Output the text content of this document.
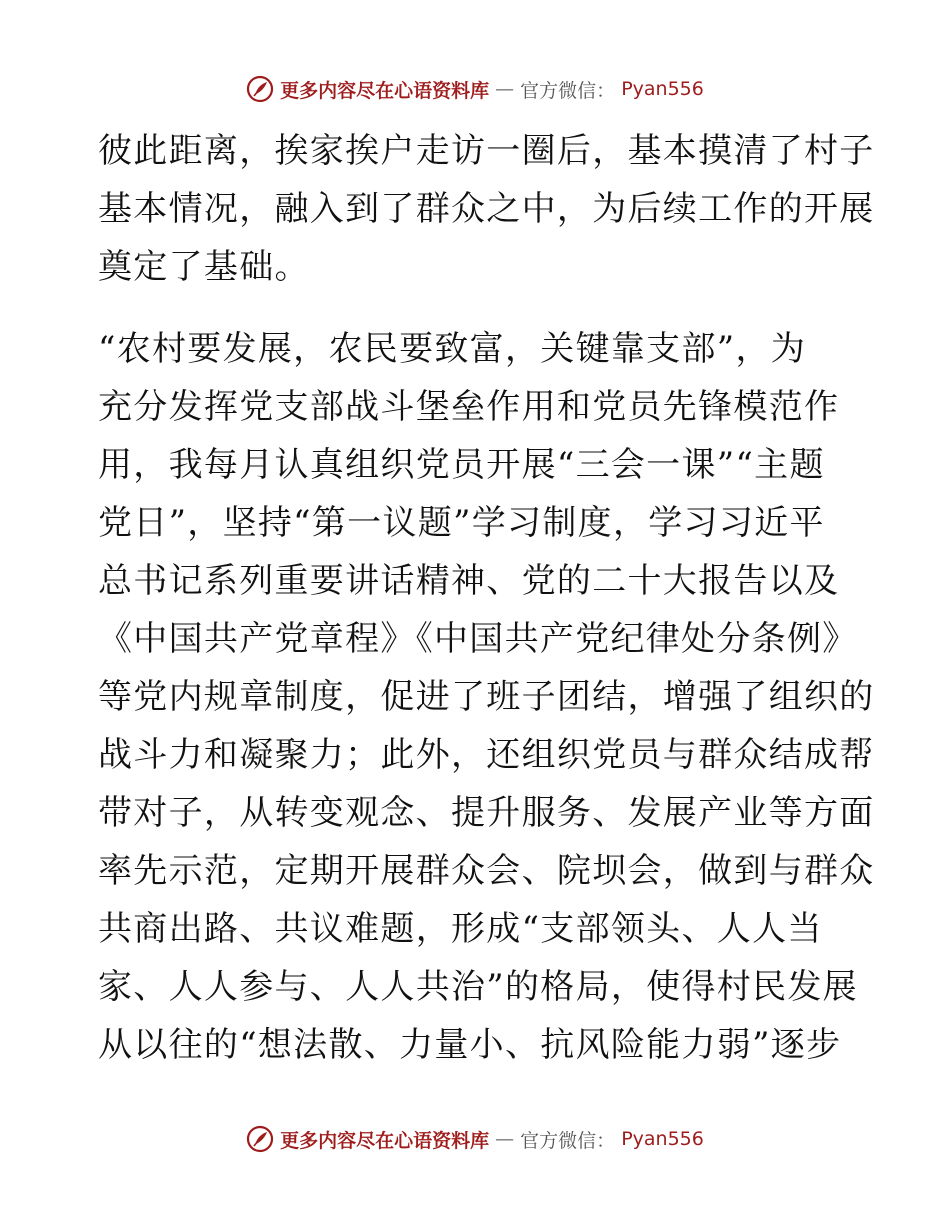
更多内容尽在心语资料库 — 官方微信： Pyan556
彼此距离，挨家挨户走访一圈后，基本摸清了村子
基本情况，融入到了群众之中，为后续工作的开展
奠定了基础。
“农村要发展，农民要致富，关键靠支部”，为
充分发挥党支部战斗堡垒作用和党员先锋模范作
用，我每月认真组织党员开展“三会一课”“主题
党日”，坚持“第一议题”学习制度，学习习近平
总书记系列重要讲话精神、党的二十大报告以及
《中国共产党章程》《中国共产党纪律处分条例》
等党内规章制度，促进了班子团结，增强了组织的
战斗力和凝聚力；此外，还组织党员与群众结成帮
带对子，从转变观念、提升服务、发展产业等方面
率先示范，定期开展群众会、院坝会，做到与群众
共商出路、共议难题，形成“支部领头、人人当
家、人人参与、人人共治”的格局，使得村民发展
从以往的“想法散、力量小、抗风险能力弱”逐步
更多内容尽在心语资料库 — 官方微信： Pyan556
